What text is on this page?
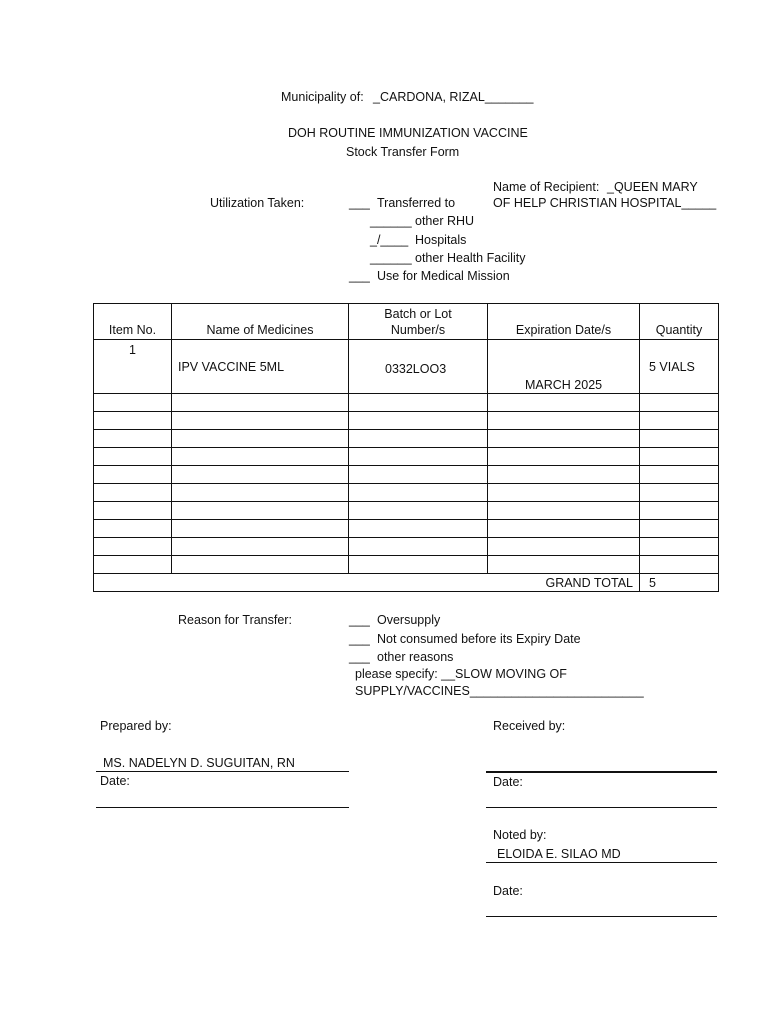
Municipality of: _CARDONA, RIZAL_______
DOH ROUTINE IMMUNIZATION VACCINE
Stock Transfer Form
Name of Recipient: _QUEEN MARY
OF HELP CHRISTIAN HOSPITAL_____
Utilization Taken:	___ Transferred to
______ other RHU
_/____ Hospitals
______ other Health Facility
___ Use for Medical Mission
Item No.	Name of Medicines	Batch or Lot Number/s	Expiration Date/s	Quantity

1	IPV VACCINE 5ML	0332LOO3	MARCH 2025	5 VIALS

GRAND TOTAL				5
Reason for Transfer:	___ Oversupply
___ Not consumed before its Expiry Date
___ other reasons
please specify: __SLOW MOVING OF
SUPPLY/VACCINES_________________________
Prepared by:
MS. NADELYN D. SUGUITAN, RN
Date:
Received by:
Date:
Noted by:
ELOIDA E. SILAO MD
Date:
